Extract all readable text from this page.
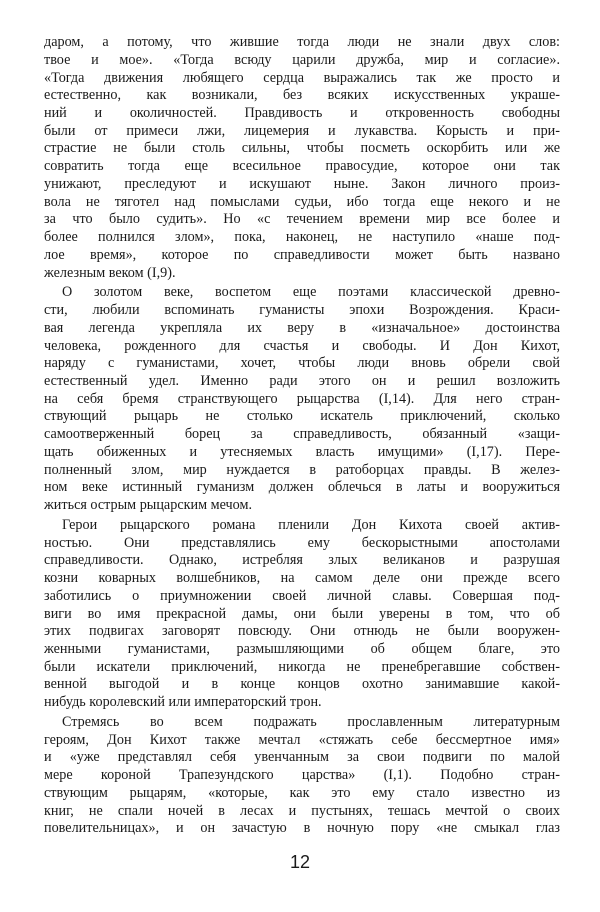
даром, а потому, что жившие тогда люди не знали двух слов:
твое и мое». «Тогда всюду царили дружба, мир и согласие».
«Тогда движения любящего сердца выражались так же просто и
естественно, как возникали, без всяких искусственных украше-
ний и околичностей. Правдивость и откровенность свободны
были от примеси лжи, лицемерия и лукавства. Корысть и при-
страстие не были столь сильны, чтобы посметь оскорбить или же
совратить тогда еще всесильное правосудие, которое они так
унижают, преследуют и искушают ныне. Закон личного произ-
вола не тяготел над помыслами судьи, ибо тогда еще некого и не
за что было судить». Но «с течением времени мир все более и
более полнился злом», пока, наконец, не наступило «наше под-
лое время», которое по справедливости может быть названо
железным веком (I,9).
О золотом веке, воспетом еще поэтами классической древно-
сти, любили вспоминать гуманисты эпохи Возрождения. Краси-
вая легенда укрепляла их веру в «изначальное» достоинства
человека, рожденного для счастья и свободы. И Дон Кихот,
наряду с гуманистами, хочет, чтобы люди вновь обрели свой
естественный удел. Именно ради этого он и решил возложить
на себя бремя странствующего рыцарства (I,14). Для него стран-
ствующий рыцарь не столько искатель приключений, сколько
самоотверженный борец за справедливость, обязанный «защи-
щать обиженных и утесняемых власть имущими» (I,17). Пере-
полненный злом, мир нуждается в ратоборцах правды. В желез-
ном веке истинный гуманизм должен облечься в латы и вооружиться
житься острым рыцарским мечом.
Герои рыцарского романа пленили Дон Кихота своей актив-
ностью. Они представлялись ему бескорыстными апостолами
справедливости. Однако, истребляя злых великанов и разрушая
козни коварных волшебников, на самом деле они прежде всего
заботились о приумножении своей личной славы. Совершая под-
виги во имя прекрасной дамы, они были уверены в том, что об
этих подвигах заговорят повсюду. Они отнюдь не были вооружен-
женными гуманистами, размышляющими об общем благе, это
были искатели приключений, никогда не пренебрегавшие собствен-
венной выгодой и в конце концов охотно занимавшие какой-
нибудь королевский или императорский трон.
Стремясь во всем подражать прославленным литературным
героям, Дон Кихот также мечтал «стяжать себе бессмертное имя»
и «уже представлял себя увенчанным за свои подвиги по малой
мере короной Трапезундского царства» (I,1). Подобно стран-
ствующим рыцарям, «которые, как это ему стало известно из
книг, не спали ночей в лесах и пустынях, тешась мечтой о своих
повелительницах», и он зачастую в ночную пору «не смыкал глаз
12
